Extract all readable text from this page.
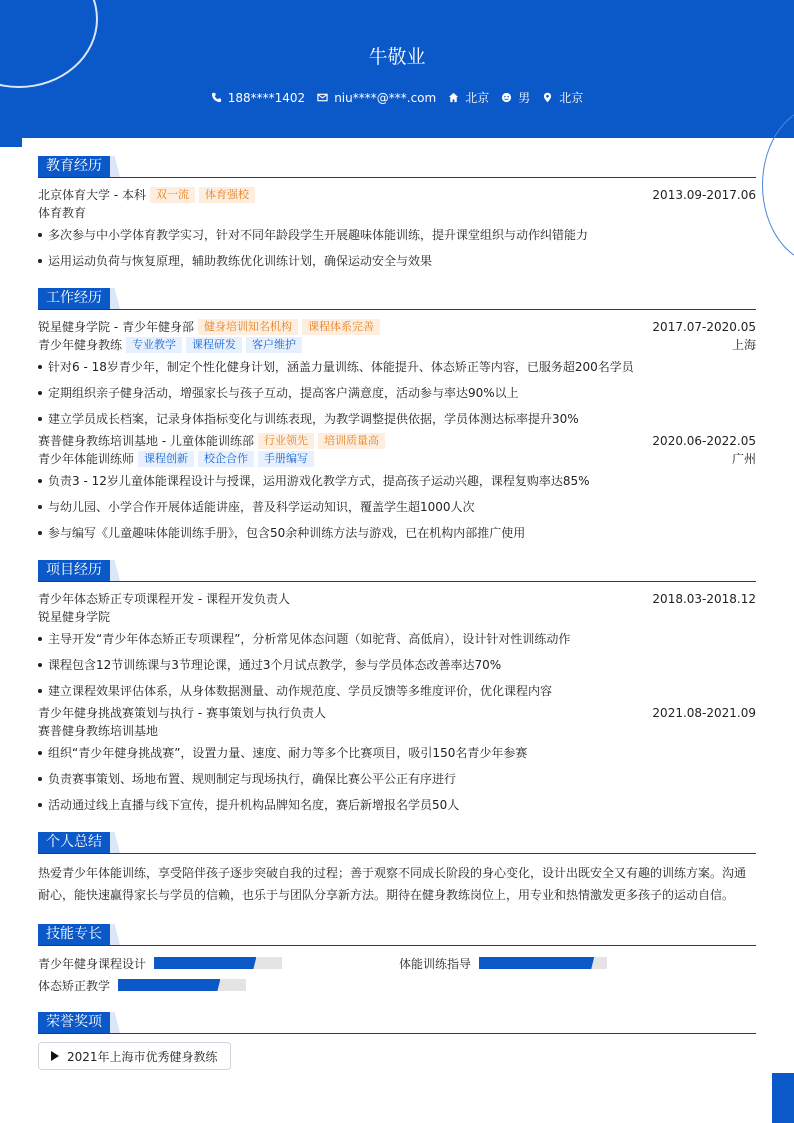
牛敬业
188****1402 niu****@***.com 北京 男 北京
教育经历
北京体育大学 - 本科 双一流	体育强校	2013.09-2017.06
体育教育
多次参与中小学体育教学实习，针对不同年龄段学生开展趣味体能训练，提升课堂组织与动作纠错能力
运用运动负荷与恢复原理，辅助教练优化训练计划，确保运动安全与效果
工作经历
锐星健身学院 - 青少年健身部 健身培训知名机构	课程体系完善	2017.07-2020.05
青少年健身教练 专业教学	课程研发	客户维护	上海
针对6 - 18岁青少年，制定个性化健身计划，涵盖力量训练、体能提升、体态矫正等内容，已服务超200名学员
定期组织亲子健身活动，增强家长与孩子互动，提高客户满意度，活动参与率达90%以上
建立学员成长档案，记录身体指标变化与训练表现，为教学调整提供依据，学员体测达标率提升30%
赛普健身教练培训基地 - 儿童体能训练部 行业领先	培训质量高	2020.06-2022.05
青少年体能训练师 课程创新	校企合作	手册编写	广州
负责3 - 12岁儿童体能课程设计与授课，运用游戏化教学方式，提高孩子运动兴趣，课程复购率达85%
与幼儿园、小学合作开展体适能讲座，普及科学运动知识，覆盖学生超1000人次
参与编写《儿童趣味体能训练手册》，包含50余种训练方法与游戏，已在机构内部推广使用
项目经历
青少年体态矫正专项课程开发 - 课程开发负责人	2018.03-2018.12
锐星健身学院
主导开发“青少年体态矫正专项课程”，分析常见体态问题（如驼背、高低肩），设计针对性训练动作
课程包含12节训练课与3节理论课，通过3个月试点教学，参与学员体态改善率达70%
建立课程效果评估体系，从身体数据测量、动作规范度、学员反馈等多维度评价，优化课程内容
青少年健身挑战赛策划与执行 - 赛事策划与执行负责人	2021.08-2021.09
赛普健身教练培训基地
组织“青少年健身挑战赛”，设置力量、速度、耐力等多个比赛项目，吸引150名青少年参赛
负责赛事策划、场地布置、规则制定与现场执行，确保比赛公平公正有序进行
活动通过线上直播与线下宣传，提升机构品牌知名度，赛后新增报名学员50人
个人总结
热爱青少年体能训练，享受陪伴孩子逐步突破自我的过程；善于观察不同成长阶段的身心变化，设计出既安全又有趣的训练方案。沟通耐心，能快速赢得家长与学员的信赖，也乐于与团队分享新方法。期待在健身教练岗位上，用专业和热情激发更多孩子的运动自信。
技能专长
青少年健身课程设计	体能训练指导
体态矫正教学
荣誉奖项
2021年上海市优秀健身教练
